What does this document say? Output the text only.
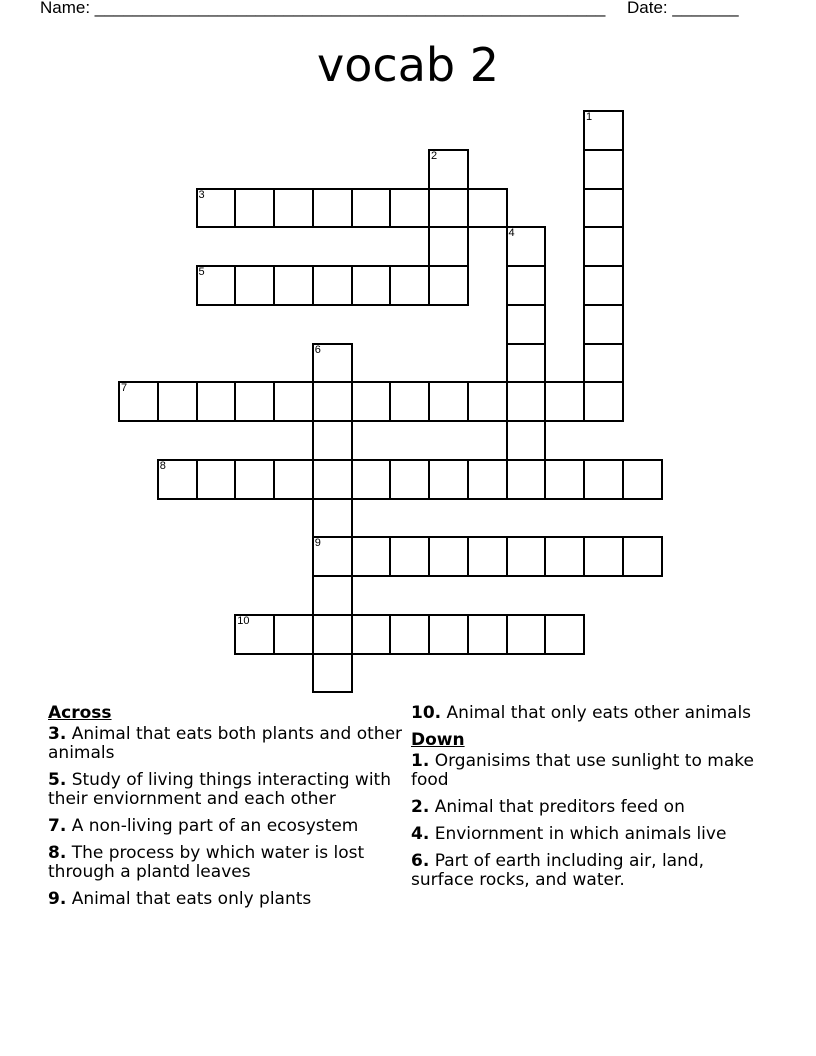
Name: ______________________________________________________ Date: _______
vocab 2
1
2
3
4
5
6
9
7
8
10
Across
3. Animal that eats both plants and other animals
5. Study of living things interacting with their enviornment and each other
7. A non-living part of an ecosystem
8. The process by which water is lost through a plantd leaves
9. Animal that eats only plants
10. Animal that only eats other animals
Down
1. Organisims that use sunlight to make food
2. Animal that preditors feed on
4. Enviornment in which animals live
6. Part of earth including air, land, surface rocks, and water.
